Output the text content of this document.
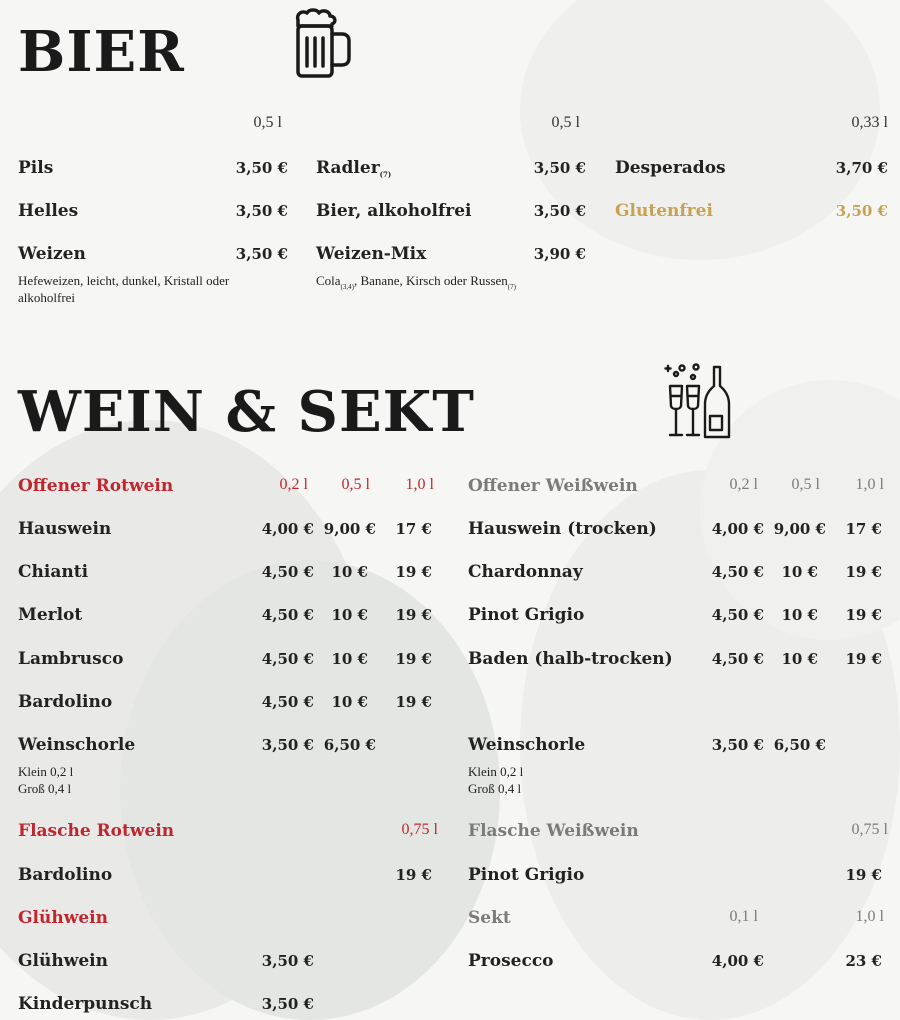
BIER
0,5 l
Pils	3,50 €
Helles	3,50 €
Weizen	3,50 €
Hefeweizen, leicht, dunkel, Kristall oder alkoholfrei
0,5 l
Radler$_{(7)}$	3,50 €
Bier, alkoholfrei	3,50 €
Weizen-Mix	3,90 €
Cola$_{(3,4)}$, Banane, Kirsch oder Russen$_{(7)}$
0,33 l
Desperados	3,70 €
Glutenfrei	3,50 €
WEIN & SEKT
Offener Rotwein	0,2 l	0,5 l	1,0 l
Hauswein	4,00 € 9,00 €	17 €
Chianti	4,50 €	10 €	19 €
Merlot	4,50 €	10 €	19 €
Lambrusco	4,50 €	10 €	19 €
Bardolino	4,50 €	10 €	19 €
Weinschorle	3,50 € 6,50 €
Klein 0,2 l
Groß 0,4 l
Flasche Rotwein	0,75 l
Bardolino	19 €
Glühwein
Glühwein	3,50 €
Kinderpunsch	3,50 €
Offener Weißwein	0,2 l	0,5 l	1,0 l
Hauswein (trocken)	4,00 € 9,00 €	17 €
Chardonnay	4,50 €	10 €	19 €
Pinot Grigio	4,50 €	10 €	19 €
Baden (halb-trocken)	4,50 €	10 €	19 €
Weinschorle	3,50 € 6,50 €
Klein 0,2 l
Groß 0,4 l
Flasche Weißwein	0,75 l
Pinot Grigio	19 €
Sekt	0,1 l	1,0 l
Prosecco	4,00 €	23 €
